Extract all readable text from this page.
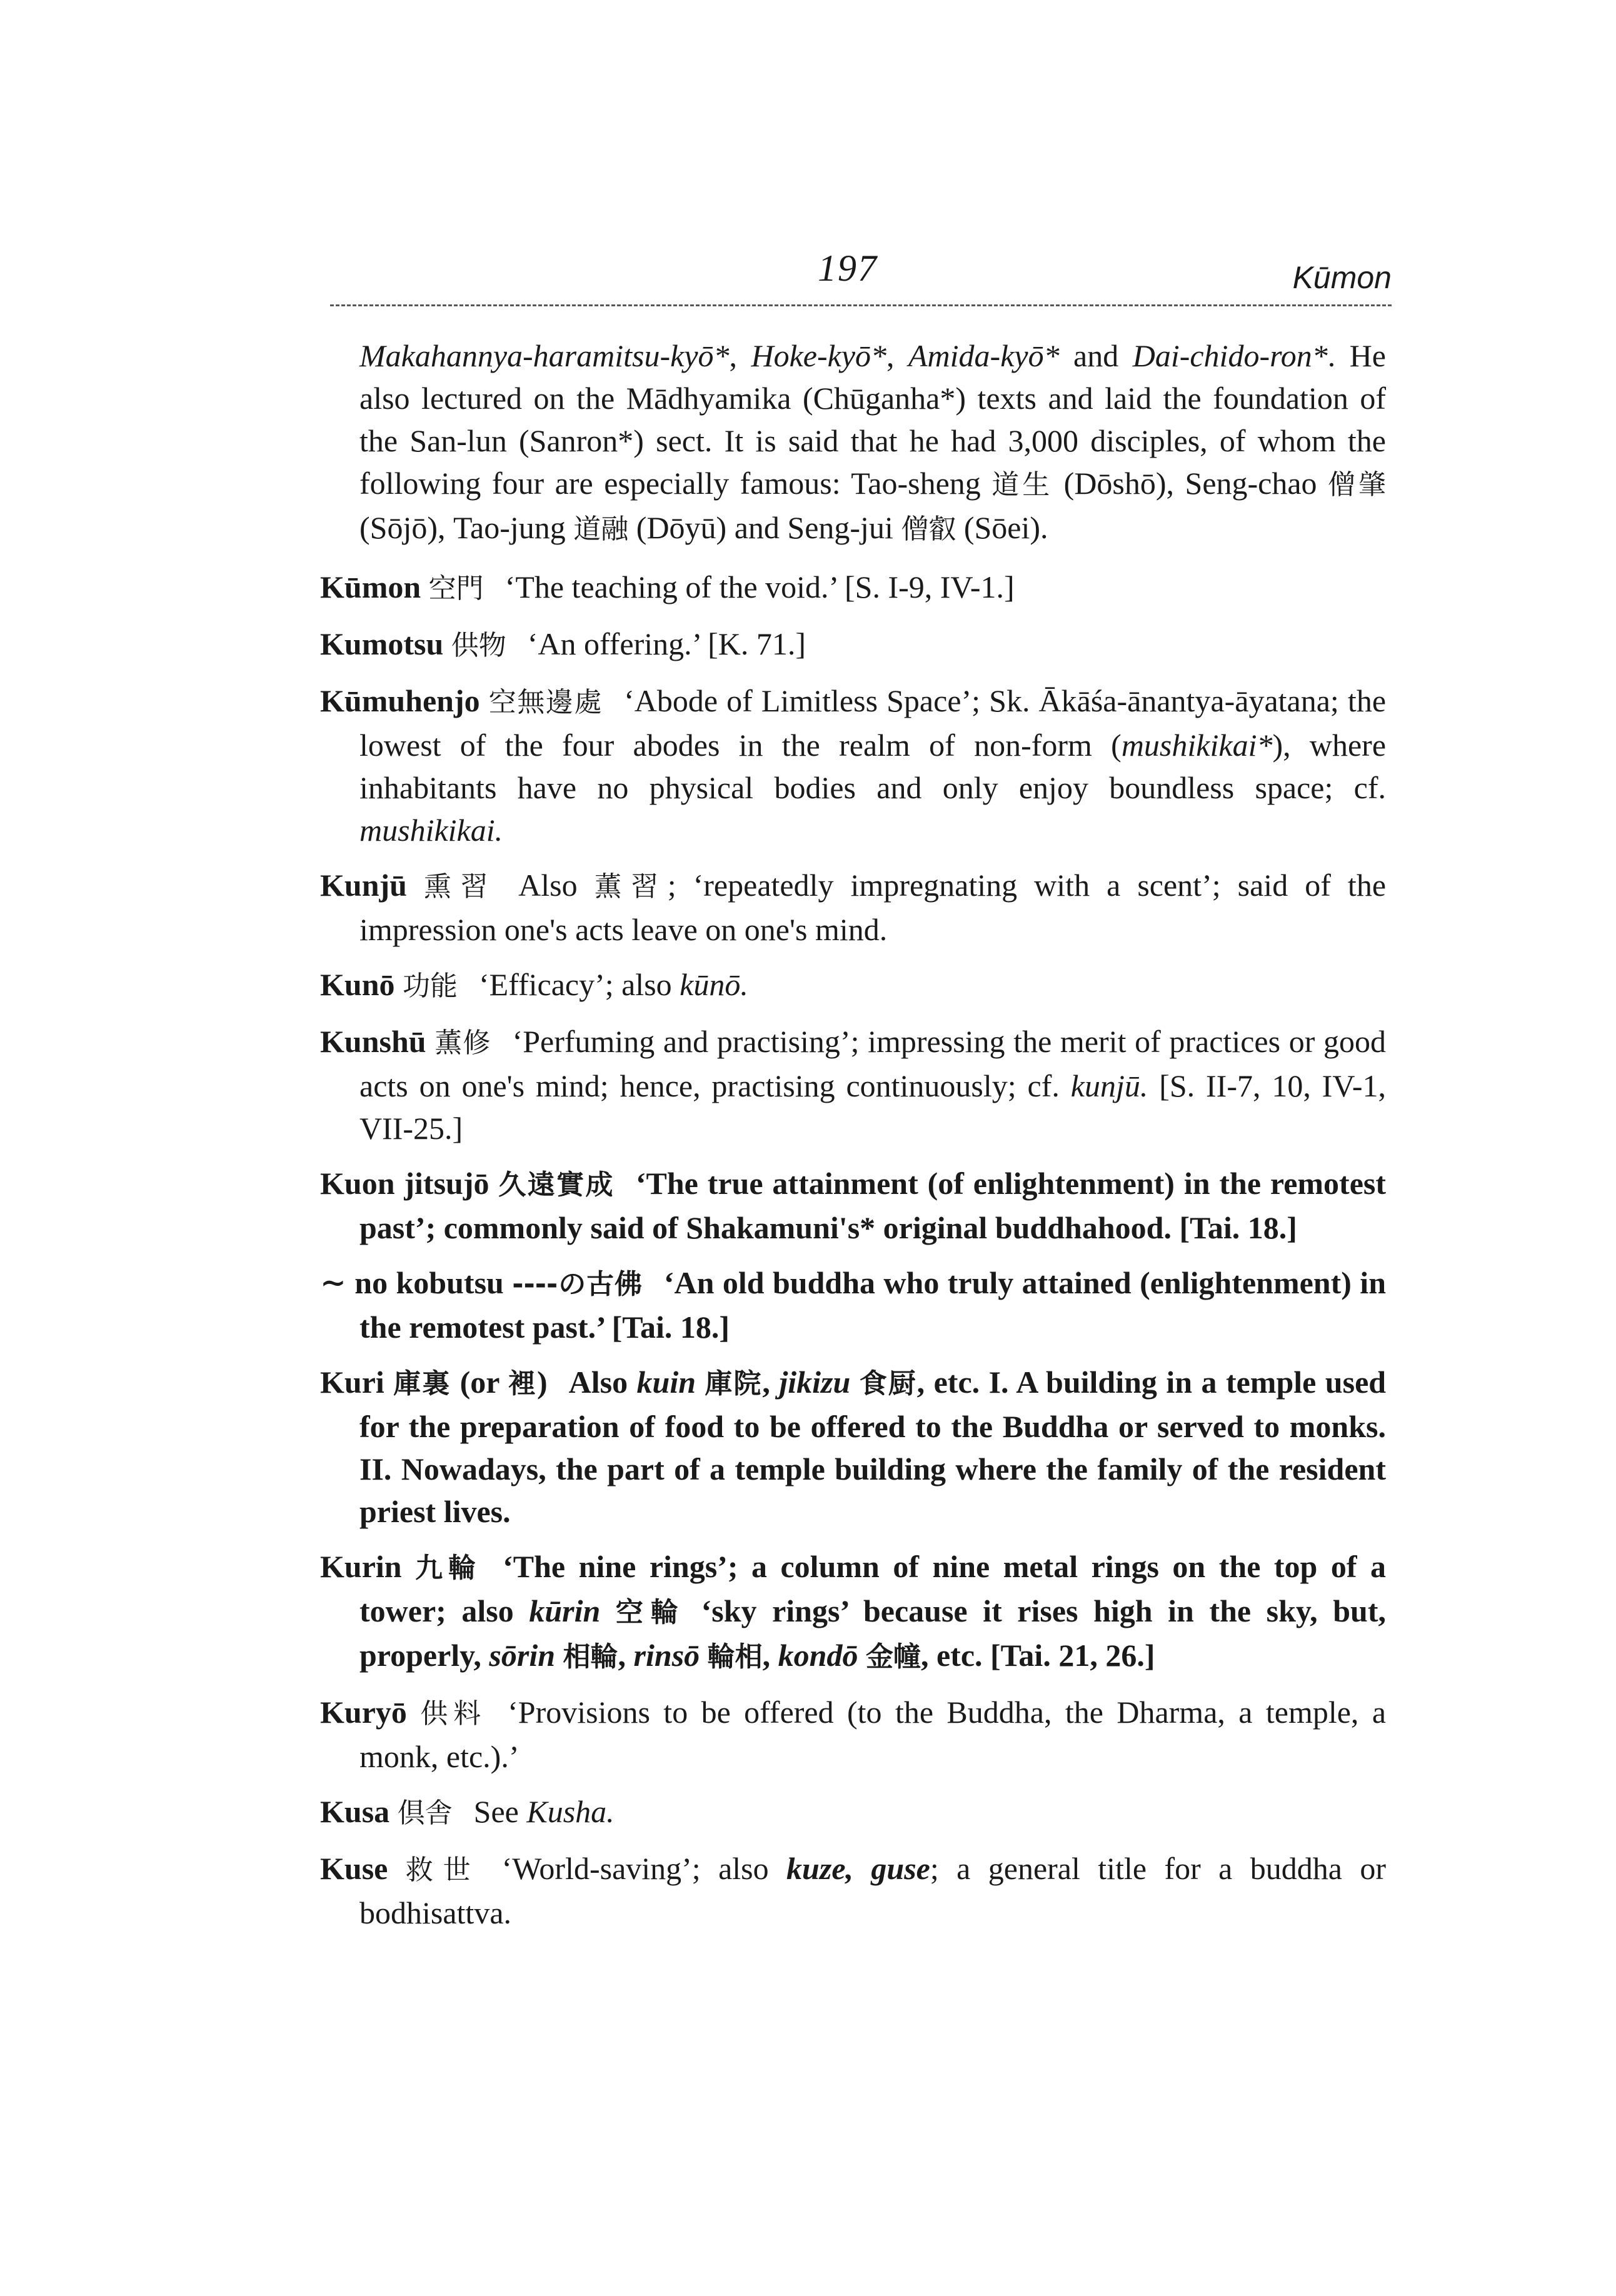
197	Kūmon

Makahannya-haramitsu-kyō*, Hoke-kyō*, Amida-kyō* and Dai-chido-ron*. He also lectured on the Mādhyamika (Chūganha*) texts and laid the foundation of the San-lun (Sanron*) sect. It is said that he had 3,000 disciples, of whom the following four are especially famous: Tao-sheng 道生 (Dōshō), Seng-chao 僧肇 (Sōjō), Tao-jung 道融 (Dōyū) and Seng-jui 僧叡 (Sōei).

Kūmon 空門 ‘The teaching of the void.’ [S. I-9, IV-1.]

Kumotsu 供物 ‘An offering.’ [K. 71.]

Kūmuhenjo 空無邊處 ‘Abode of Limitless Space’; Sk. Ākāśa-ānantya-āyatana; the lowest of the four abodes in the realm of non-form (mushikikai*), where inhabitants have no physical bodies and only enjoy boundless space; cf. mushikikai.

Kunjū 熏習 Also 薫習; ‘repeatedly impregnating with a scent’; said of the impression one's acts leave on one's mind.

Kunō 功能 ‘Efficacy’; also kūnō.

Kunshū 薫修 ‘Perfuming and practising’; impressing the merit of practices or good acts on one's mind; hence, practising continuously; cf. kunjū. [S. II-7, 10, IV-1, VII-25.]

Kuon jitsujō 久遠實成 ‘The true attainment (of enlightenment) in the remotest past’; commonly said of Shakamuni's* original buddhahood. [Tai. 18.]

∼ no kobutsu ----の古佛 ‘An old buddha who truly attained (enlightenment) in the remotest past.’ [Tai. 18.]

Kuri 庫裏 (or 裡) Also kuin 庫院, jikizu 食厨, etc. I. A building in a temple used for the preparation of food to be offered to the Buddha or served to monks. II. Nowadays, the part of a temple building where the family of the resident priest lives.

Kurin 九輪 ‘The nine rings’; a column of nine metal rings on the top of a tower; also kūrin 空輪 ‘sky rings’ because it rises high in the sky, but, properly, sōrin 相輪, rinsō 輪相, kondō 金幢, etc. [Tai. 21, 26.]

Kuryō 供料 ‘Provisions to be offered (to the Buddha, the Dharma, a temple, a monk, etc.).’

Kusa 倶舎 See Kusha.

Kuse 救世 ‘World-saving’; also kuze, guse; a general title for a buddha or bodhisattva.
